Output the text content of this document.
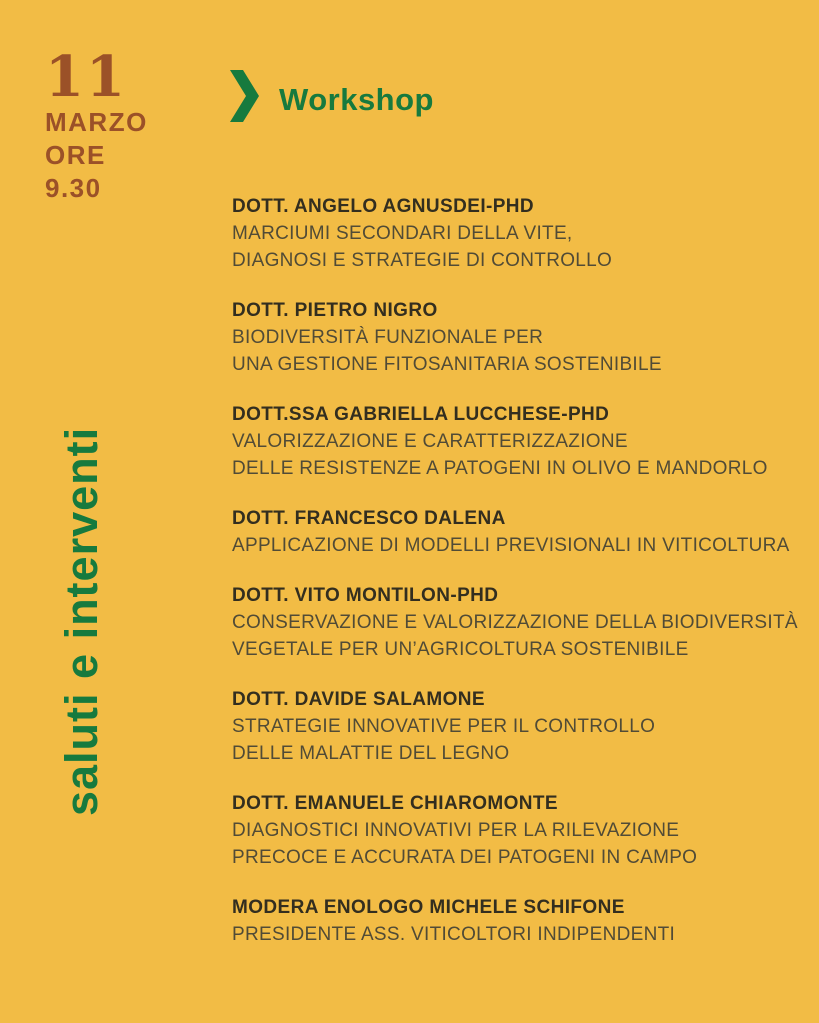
11
MARZO
ORE
9.30
Workshop
saluti e interventi
DOTT. ANGELO AGNUSDEI-PHD
MARCIUMI SECONDARI DELLA VITE,
DIAGNOSI E STRATEGIE DI CONTROLLO
DOTT. PIETRO NIGRO
BIODIVERSITÀ FUNZIONALE PER
UNA GESTIONE FITOSANITARIA SOSTENIBILE
DOTT.SSA GABRIELLA LUCCHESE-PHD
VALORIZZAZIONE E CARATTERIZZAZIONE
DELLE RESISTENZE A PATOGENI IN OLIVO E MANDORLO
DOTT. FRANCESCO DALENA
APPLICAZIONE DI MODELLI PREVISIONALI IN VITICOLTURA
DOTT. VITO MONTILON-PHD
CONSERVAZIONE E VALORIZZAZIONE DELLA BIODIVERSITÀ
VEGETALE PER UN’AGRICOLTURA SOSTENIBILE
DOTT. DAVIDE SALAMONE
STRATEGIE INNOVATIVE PER IL CONTROLLO
DELLE MALATTIE DEL LEGNO
DOTT. EMANUELE CHIAROMONTE
DIAGNOSTICI INNOVATIVI PER LA RILEVAZIONE
PRECOCE E ACCURATA DEI PATOGENI IN CAMPO
MODERA ENOLOGO MICHELE SCHIFONE
PRESIDENTE ASS. VITICOLTORI INDIPENDENTI
